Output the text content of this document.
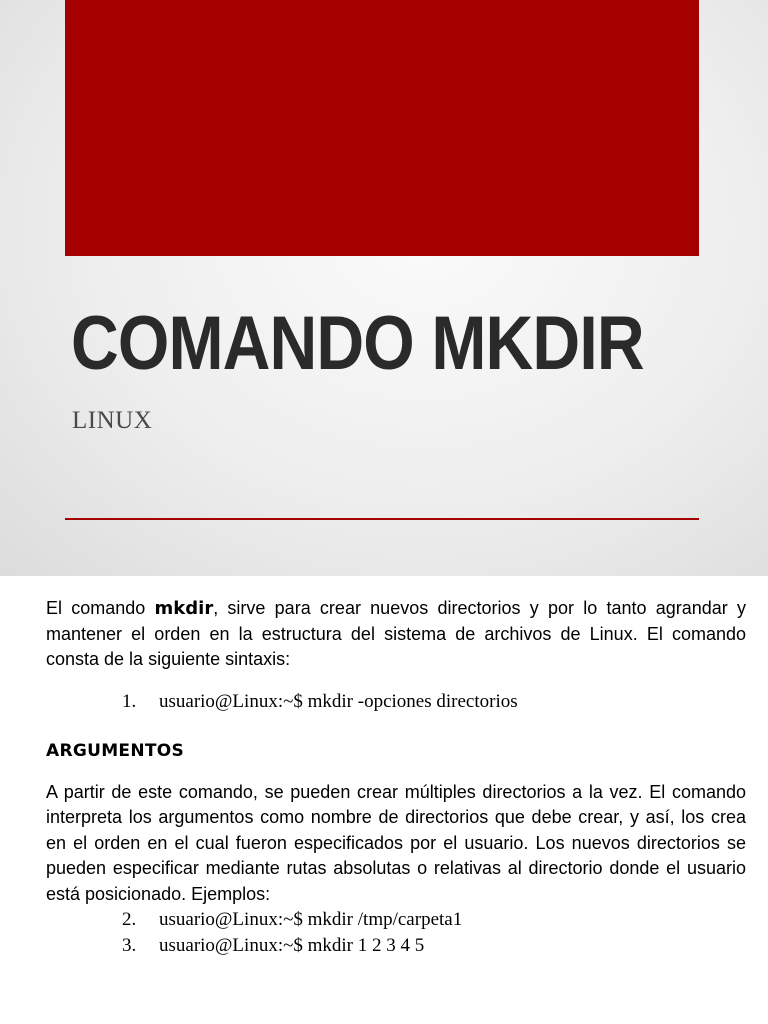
COMANDO MKDIR

LINUX

El comando mkdir, sirve para crear nuevos directorios y por lo tanto agrandar y mantener el orden en la estructura del sistema de archivos de Linux. El comando consta de la siguiente sintaxis:

1. usuario@Linux:~$ mkdir -opciones directorios

ARGUMENTOS

A partir de este comando, se pueden crear múltiples directorios a la vez. El comando interpreta los argumentos como nombre de directorios que debe crear, y así, los crea en el orden en el cual fueron especificados por el usuario. Los nuevos directorios se pueden especificar mediante rutas absolutas o relativas al directorio donde el usuario está posicionado. Ejemplos:

2. usuario@Linux:~$ mkdir /tmp/carpeta1

3. usuario@Linux:~$ mkdir 1 2 3 4 5
